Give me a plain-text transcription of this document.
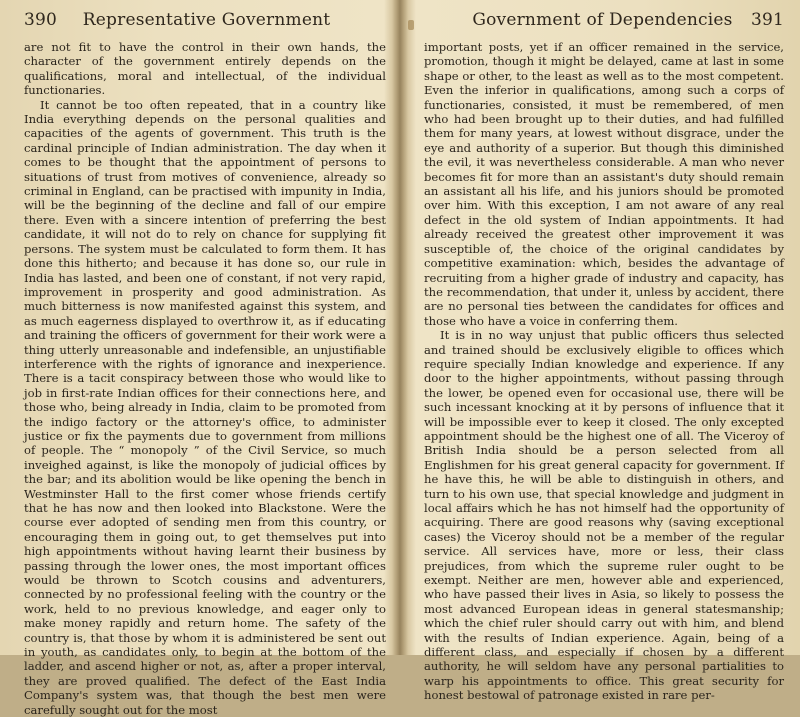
390 Representative Government

are not fit to have the control in their own hands, the character of the government entirely depends on the qualifications, moral and intellectual, of the individual functionaries.

It cannot be too often repeated, that in a country like India everything depends on the personal qualities and capacities of the agents of government. This truth is the cardinal principle of Indian administration. The day when it comes to be thought that the appointment of persons to situations of trust from motives of convenience, already so criminal in England, can be practised with impunity in India, will be the beginning of the decline and fall of our empire there. Even with a sincere intention of preferring the best candidate, it will not do to rely on chance for supplying fit persons. The system must be calculated to form them. It has done this hitherto; and because it has done so, our rule in India has lasted, and been one of constant, if not very rapid, improvement in prosperity and good administration. As much bitterness is now manifested against this system, and as much eagerness displayed to overthrow it, as if educating and training the officers of government for their work were a thing utterly unreasonable and indefensible, an unjustifiable interference with the rights of ignorance and inexperience. There is a tacit conspiracy between those who would like to job in first-rate Indian offices for their connections here, and those who, being already in India, claim to be promoted from the indigo factory or the attorney's office, to administer justice or fix the payments due to government from millions of people. The “ monopoly ” of the Civil Service, so much inveighed against, is like the monopoly of judicial offices by the bar; and its abolition would be like opening the bench in Westminster Hall to the first comer whose friends certify that he has now and then looked into Blackstone. Were the course ever adopted of sending men from this country, or encouraging them in going out, to get themselves put into high appointments without having learnt their business by passing through the lower ones, the most important offices would be thrown to Scotch cousins and adventurers, connected by no professional feeling with the country or the work, held to no previous knowledge, and eager only to make money rapidly and return home. The safety of the country is, that those by whom it is administered be sent out in youth, as candidates only, to begin at the bottom of the ladder, and ascend higher or not, as, after a proper interval, they are proved qualified. The defect of the East India Company's system was, that though the best men were carefully sought out for the most

Government of Dependencies 391

important posts, yet if an officer remained in the service, promotion, though it might be delayed, came at last in some shape or other, to the least as well as to the most competent. Even the inferior in qualifications, among such a corps of functionaries, consisted, it must be remembered, of men who had been brought up to their duties, and had fulfilled them for many years, at lowest without disgrace, under the eye and authority of a superior. But though this diminished the evil, it was nevertheless considerable. A man who never becomes fit for more than an assistant's duty should remain an assistant all his life, and his juniors should be promoted over him. With this exception, I am not aware of any real defect in the old system of Indian appointments. It had already received the greatest other improvement it was susceptible of, the choice of the original candidates by competitive examination: which, besides the advantage of recruiting from a higher grade of industry and capacity, has the recommendation, that under it, unless by accident, there are no personal ties between the candidates for offices and those who have a voice in conferring them.

It is in no way unjust that public officers thus selected and trained should be exclusively eligible to offices which require specially Indian knowledge and experience. If any door to the higher appointments, without passing through the lower, be opened even for occasional use, there will be such incessant knocking at it by persons of influence that it will be impossible ever to keep it closed. The only excepted appointment should be the highest one of all. The Viceroy of British India should be a person selected from all Englishmen for his great general capacity for government. If he have this, he will be able to distinguish in others, and turn to his own use, that special knowledge and judgment in local affairs which he has not himself had the opportunity of acquiring. There are good reasons why (saving exceptional cases) the Viceroy should not be a member of the regular service. All services have, more or less, their class prejudices, from which the supreme ruler ought to be exempt. Neither are men, however able and experienced, who have passed their lives in Asia, so likely to possess the most advanced European ideas in general statesmanship; which the chief ruler should carry out with him, and blend with the results of Indian experience. Again, being of a different class, and especially if chosen by a different authority, he will seldom have any personal partialities to warp his appointments to office. This great security for honest bestowal of patronage existed in rare per-
